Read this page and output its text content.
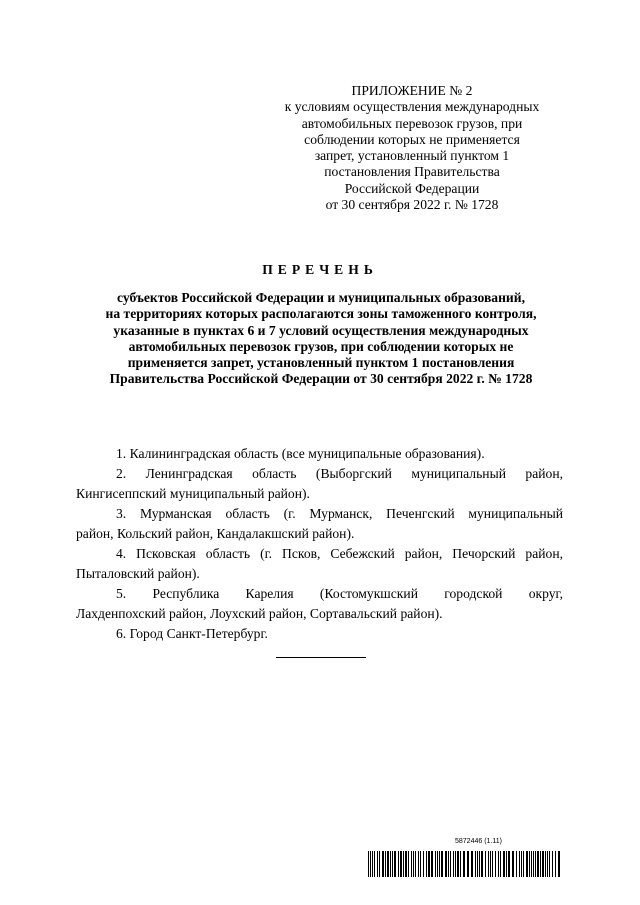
ПРИЛОЖЕНИЕ № 2
к условиям осуществления международных
автомобильных перевозок грузов, при
соблюдении которых не применяется
запрет, установленный пунктом 1
постановления Правительства
Российской Федерации
от 30 сентября 2022 г. № 1728
ПЕРЕЧЕНЬ
субъектов Российской Федерации и муниципальных образований,
на территориях которых располагаются зоны таможенного контроля,
указанные в пунктах 6 и 7 условий осуществления международных
автомобильных перевозок грузов, при соблюдении которых не
применяется запрет, установленный пунктом 1 постановления
Правительства Российской Федерации от 30 сентября 2022 г. № 1728
1. Калининградская область (все муниципальные образования).
2. Ленинградская область (Выборгский муниципальный район,
Кингисеппский муниципальный район).
3. Мурманская область (г. Мурманск, Печенгский муниципальный
район, Кольский район, Кандалакшский район).
4. Псковская область (г. Псков, Себежский район, Печорский район,
Пыталовский район).
5. Республика Карелия (Костомукшский городской округ,
Лахденпохский район, Лоухский район, Сортавальский район).
6. Город Санкт-Петербург.
5872446 (1.11)
